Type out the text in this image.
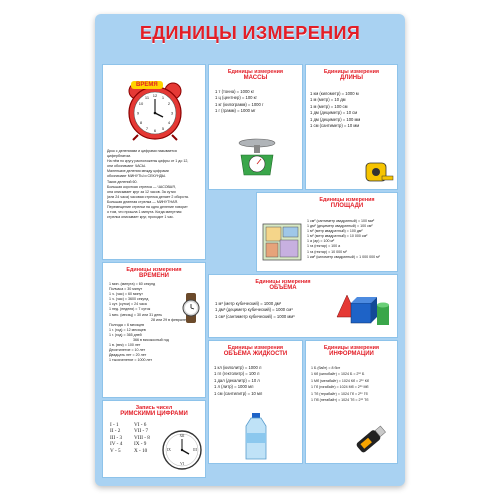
ЕДИНИЦЫ ИЗМЕРЕНИЯ
12 1
2
3
4
5
6
7
8
9
10
11
ВРЕМЯ
Диск с делениями и цифрами называется
циферблатом.
На нём по кругу расположены цифры от 1 до 12,
они обозначают ЧАСЫ.
Маленькие деления между цифрами
обозначают МИНУТЫ и СЕКУНДЫ.
Таких делений 60.
Большая короткая стрелка — ЧАСОВАЯ,
она описывает круг за 12 часов. За сутки
(или 24 часа) часовая стрелка делает 2 оборота.
Большая длинная стрелка — МИНУТНАЯ.
Перемещение стрелки на одно деление говорит
о том, что прошла 1 минута. Когда минутная
стрелка описывает круг, проходит 1 час.
Единицы измерения
МАССЫ
1 т (тонна) = 1000 кг
1 ц (центнер) = 100 кг
1 кг (килограмм) = 1000 г
1 г (грамм) = 1000 мг
Единицы измерения
ДЛИНЫ
1 км (километр) = 1000 м
1 м (метр) = 10 дм
1 м (метр) = 100 см
1 дм (дециметр) = 10 см
1 дм (дециметр) = 100 мм
1 см (сантиметр) = 10 мм
Единицы измерения
ПЛОЩАДИ
1 см² (сантиметр квадратный) = 100 мм²
1 дм² (дециметр квадратный) = 100 см²
1 м² (метр квадратный) = 100 дм²
1 м² (метр квадратный) = 10 000 см²
1 а (ар) = 100 м²
1 га (гектар) = 100 а
1 га (гектар) = 10 000 м²
1 км² (километр квадратный) = 1 000 000 м²
Единицы измерения
ВРЕМЕНИ
1 мин. (минута) = 60 секунд
Полчаса = 30 минут
1 ч. (час) = 60 минут
1 ч. (час) = 3600 секунд
1 сут. (сутки) = 24 часа
1 нед. (неделя) = 7 суток
1 мес. (месяц) = 30 или 31 день
28 или 29 в феврале
Полгода = 6 месяцев
1 г. (год) = 12 месяцев
1 г. (год) = 365 дней
366 в високосный год
1 в. (век) = 100 лет
Десятилетие = 10 лет
Двадцать лет = 20 лет
1 тысячелетие = 1000 лет
Единицы измерения
ОБЪЁМА
1 м³ (метр кубический) = 1000 дм³
1 дм³ (дециметр кубический) = 1000 см³
1 см³ (сантиметр кубический) = 1000 мм³
Единицы измерения
ОБЪЁМА ЖИДКОСТИ
1 кл (килолитр) = 1000 л
1 гл (гектолитр) = 100 л
1 дал (декалитр) = 10 л
1 л (литр) = 1000 мл
1 см (сантилитр) = 10 мл
Единицы измерения
ИНФОРМАЦИИ
1 Б (байт) = 8 бит
1 Кб (килобайт) = 1024 Б = 2¹⁰ Б
1 Мб (мегабайт) = 1024 Кб = 2¹⁰ Кб
1 Гб (гигабайт) = 1024 Мб = 2¹⁰ Мб
1 Тб (терабайт) = 1024 Гб = 2¹⁰ Гб
1 Пб (петабайт) = 1024 Тб = 2¹⁰ Тб
Запись чисел
РИМСКИМИ ЦИФРАМИ
I - 1
II - 2
III - 3
IV - 4
V - 5
VI - 6
VII - 7
VIII - 8
IX - 9
X - 10
XII
III
VI
IX
